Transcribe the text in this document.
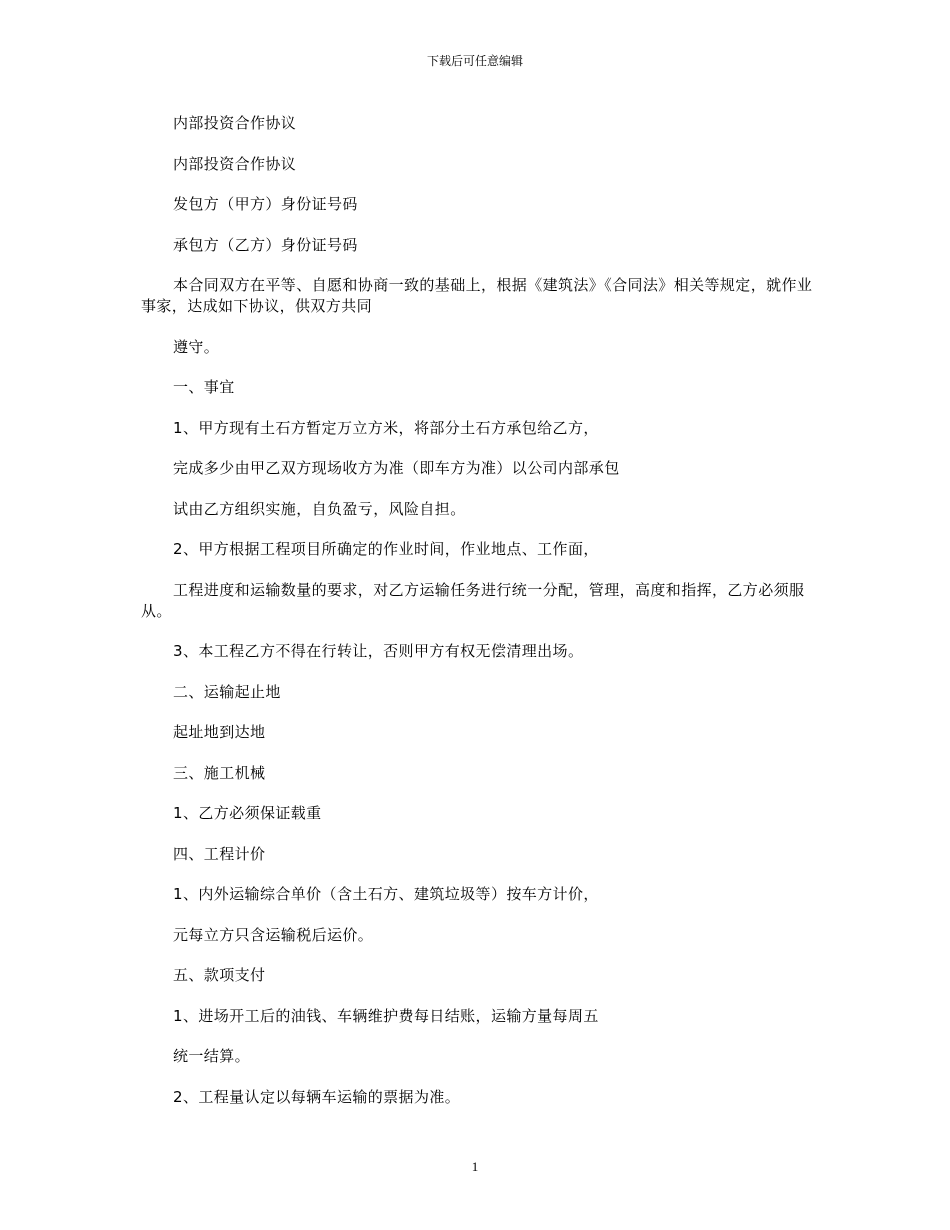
下载后可任意编辑

内部投资合作协议

内部投资合作协议

发包方（甲方）身份证号码

承包方（乙方）身份证号码

本合同双方在平等、自愿和协商一致的基础上，根据《建筑法》《合同法》相关等规定，就作业事家，达成如下协议，供双方共同

遵守。

一、事宜

1、甲方现有土石方暂定万立方米，将部分土石方承包给乙方，

完成多少由甲乙双方现场收方为准（即车方为准）以公司内部承包

试由乙方组织实施，自负盈亏，风险自担。

2、甲方根据工程项目所确定的作业时间，作业地点、工作面，

工程进度和运输数量的要求，对乙方运输任务进行统一分配，管理，高度和指挥，乙方必须服从。

3、本工程乙方不得在行转让，否则甲方有权无偿清理出场。

二、运输起止地

起址地到达地

三、施工机械

1、乙方必须保证载重

四、工程计价

1、内外运输综合单价（含土石方、建筑垃圾等）按车方计价，

元每立方只含运输税后运价。

五、款项支付

1、进场开工后的油钱、车辆维护费每日结账，运输方量每周五

统一结算。

2、工程量认定以每辆车运输的票据为准。

1
